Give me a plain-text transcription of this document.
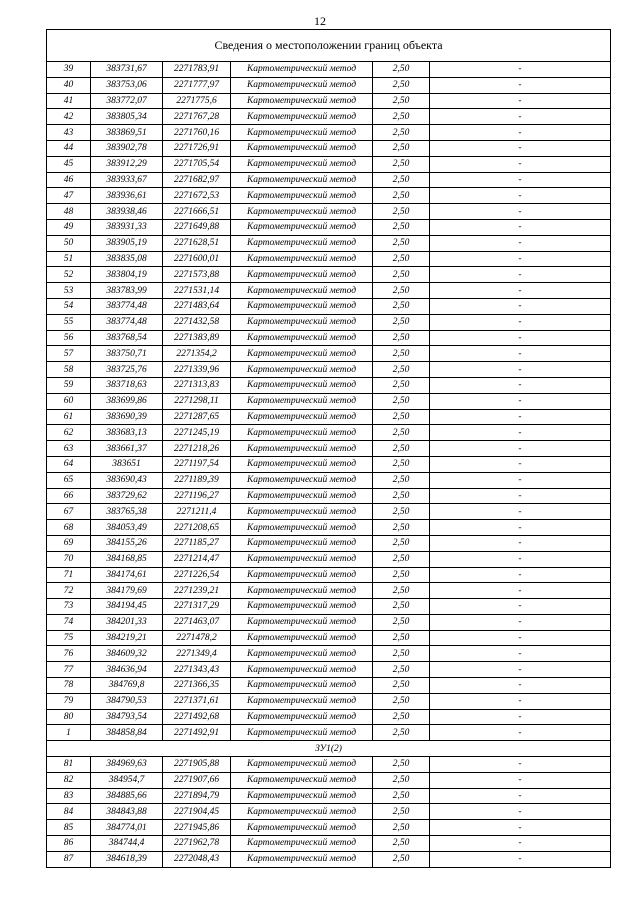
12
Сведения о местоположении границ объекта					
39	383731,67	2271783,91	Картометрический метод	2,50	-
40	383753,06	2271777,97	Картометрический метод	2,50	-
41	383772,07	2271775,6	Картометрический метод	2,50	-
42	383805,34	2271767,28	Картометрический метод	2,50	-
43	383869,51	2271760,16	Картометрический метод	2,50	-
44	383902,78	2271726,91	Картометрический метод	2,50	-
45	383912,29	2271705,54	Картометрический метод	2,50	-
46	383933,67	2271682,97	Картометрический метод	2,50	-
47	383936,61	2271672,53	Картометрический метод	2,50	-
48	383938,46	2271666,51	Картометрический метод	2,50	-
49	383931,33	2271649,88	Картометрический метод	2,50	-
50	383905,19	2271628,51	Картометрический метод	2,50	-
51	383835,08	2271600,01	Картометрический метод	2,50	-
52	383804,19	2271573,88	Картометрический метод	2,50	-
53	383783,99	2271531,14	Картометрический метод	2,50	-
54	383774,48	2271483,64	Картометрический метод	2,50	-
55	383774,48	2271432,58	Картометрический метод	2,50	-
56	383768,54	2271383,89	Картометрический метод	2,50	-
57	383750,71	2271354,2	Картометрический метод	2,50	-
58	383725,76	2271339,96	Картометрический метод	2,50	-
59	383718,63	2271313,83	Картометрический метод	2,50	-
60	383699,86	2271298,11	Картометрический метод	2,50	-
61	383690,39	2271287,65	Картометрический метод	2,50	-
62	383683,13	2271245,19	Картометрический метод	2,50	-
63	383661,37	2271218,26	Картометрический метод	2,50	-
64	383651	2271197,54	Картометрический метод	2,50	-
65	383690,43	2271189,39	Картометрический метод	2,50	-
66	383729,62	2271196,27	Картометрический метод	2,50	-
67	383765,38	2271211,4	Картометрический метод	2,50	-
68	384053,49	2271208,65	Картометрический метод	2,50	-
69	384155,26	2271185,27	Картометрический метод	2,50	-
70	384168,85	2271214,47	Картометрический метод	2,50	-
71	384174,61	2271226,54	Картометрический метод	2,50	-
72	384179,69	2271239,21	Картометрический метод	2,50	-
73	384194,45	2271317,29	Картометрический метод	2,50	-
74	384201,33	2271463,07	Картометрический метод	2,50	-
75	384219,21	2271478,2	Картометрический метод	2,50	-
76	384609,32	2271349,4	Картометрический метод	2,50	-
77	384636,94	2271343,43	Картометрический метод	2,50	-
78	384769,8	2271366,35	Картометрический метод	2,50	-
79	384790,53	2271371,61	Картометрический метод	2,50	-
80	384793,54	2271492,68	Картометрический метод	2,50	-
1	384858,84	2271492,91	Картометрический метод	2,50	-
ЗУ1(2)					
81	384969,63	2271905,88	Картометрический метод	2,50	-
82	384954,7	2271907,66	Картометрический метод	2,50	-
83	384885,66	2271894,79	Картометрический метод	2,50	-
84	384843,88	2271904,45	Картометрический метод	2,50	-
85	384774,01	2271945,86	Картометрический метод	2,50	-
86	384744,4	2271962,78	Картометрический метод	2,50	-
87	384618,39	2272048,43	Картометрический метод	2,50	-
